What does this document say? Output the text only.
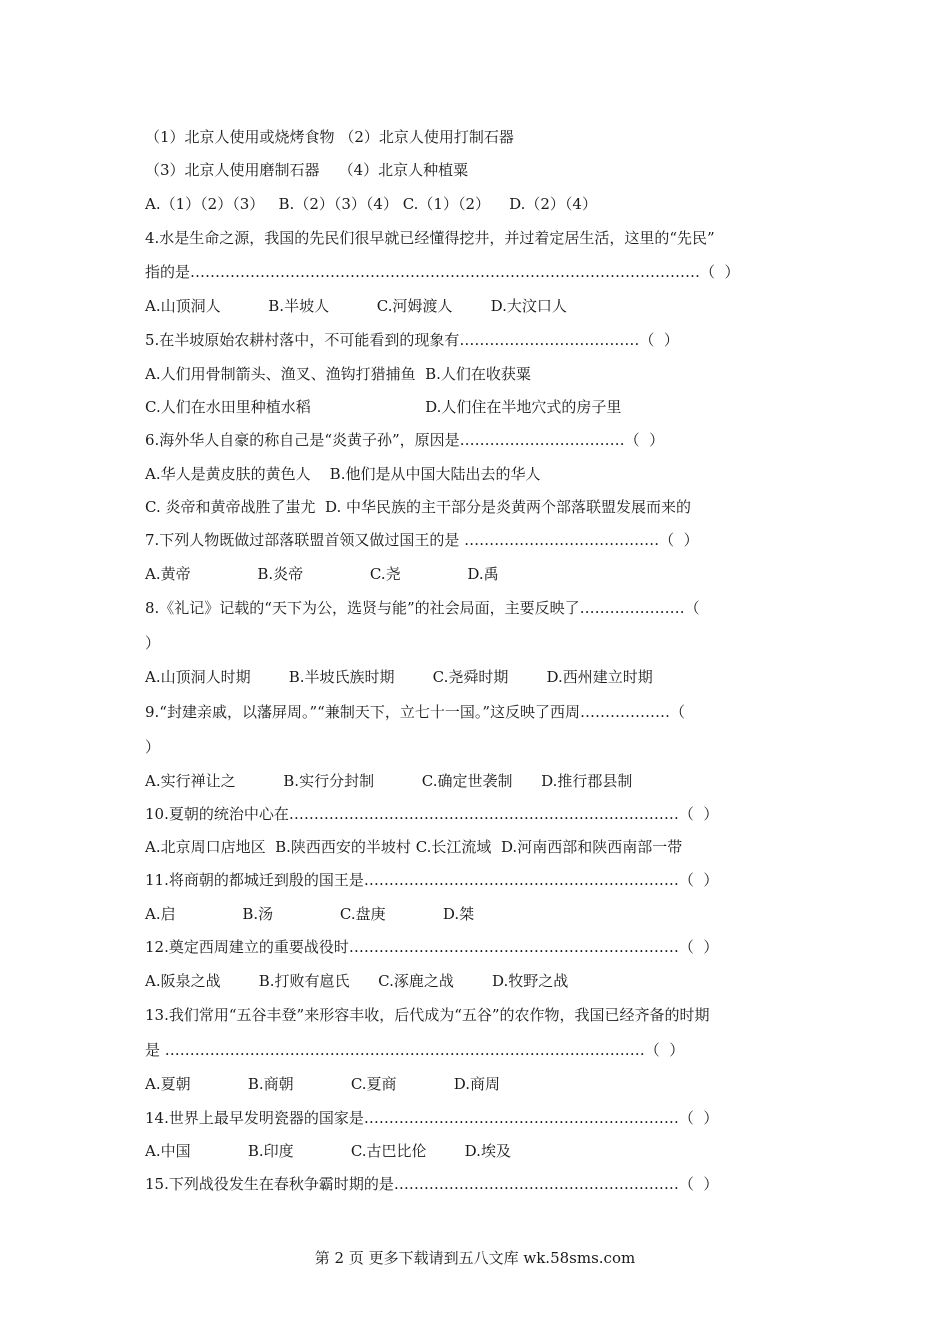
（1）北京人使用或烧烤食物 （2）北京人使用打制石器
（3）北京人使用磨制石器    （4）北京人种植粟
A.（1）（2）（3）   B.（2）（3）（4） C.（1）（2）    D.（2）（4）
4.水是生命之源，我国的先民们很早就已经懂得挖井，并过着定居生活，这里的“先民”
指的是…………………………………………………………………………………………（  ）
A.山顶洞人          B.半坡人          C.河姆渡人        D.大汶口人
5.在半坡原始农耕村落中，不可能看到的现象有………………………………（  ）
A.人们用骨制箭头、渔叉、渔钩打猎捕鱼  B.人们在收获粟
C.人们在水田里种植水稻                        D.人们住在半地穴式的房子里
6.海外华人自豪的称自己是“炎黄子孙”，原因是……………………………（  ）
A.华人是黄皮肤的黄色人    B.他们是从中国大陆出去的华人
C. 炎帝和黄帝战胜了蚩尤  D. 中华民族的主干部分是炎黄两个部落联盟发展而来的
7.下列人物既做过部落联盟首领又做过国王的是 …………………………………（  ）
A.黄帝              B.炎帝              C.尧              D.禹
8.《礼记》记载的“天下为公，选贤与能”的社会局面，主要反映了…………………（
）
A.山顶洞人时期        B.半坡氏族时期        C.尧舜时期        D.西州建立时期
9.“封建亲戚，以藩屏周。”“兼制天下，立七十一国。”这反映了西周………………（
）
A.实行禅让之          B.实行分封制          C.确定世袭制      D.推行郡县制
10.夏朝的统治中心在……………………………………………………………………（  ）
A.北京周口店地区  B.陕西西安的半坡村 C.长江流域  D.河南西部和陕西南部一带
11.将商朝的都城迁到殷的国王是………………………………………………………（  ）
A.启              B.汤              C.盘庚            D.桀
12.奠定西周建立的重要战役时…………………………………………………………（  ）
A.阪泉之战        B.打败有扈氏      C.涿鹿之战        D.牧野之战
13.我们常用“五谷丰登”来形容丰收，后代成为“五谷”的农作物，我国已经齐备的时期
是 ……………………………………………………………………………………（  ）
A.夏朝            B.商朝            C.夏商            D.商周
14.世界上最早发明瓷器的国家是………………………………………………………（  ）
A.中国            B.印度            C.古巴比伦        D.埃及
15.下列战役发生在春秋争霸时期的是…………………………………………………（  ）
第 2 页 更多下载请到五八文库 wk.58sms.com
